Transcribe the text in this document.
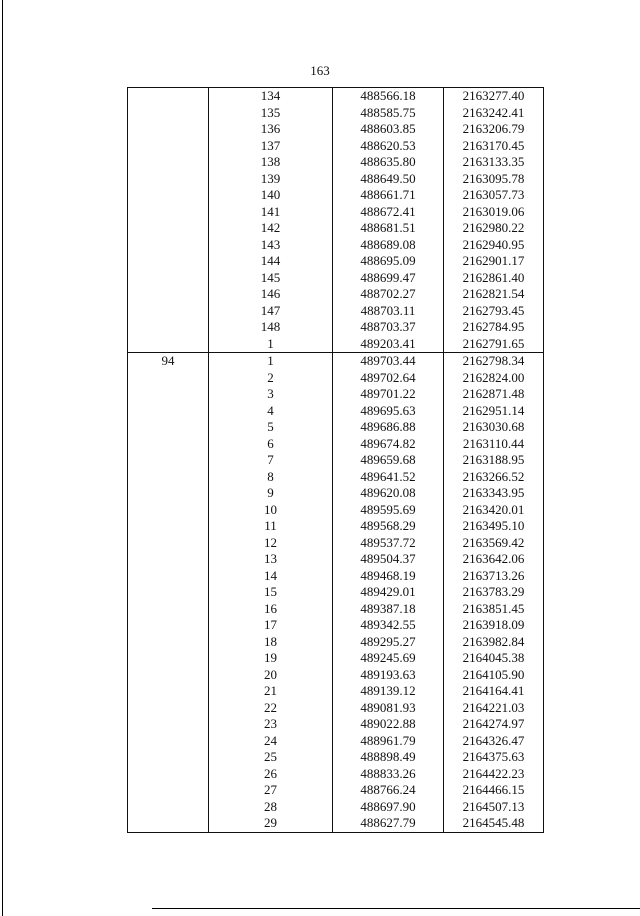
163
	134	488566.18	2163277.40
	135	488585.75	2163242.41
	136	488603.85	2163206.79
	137	488620.53	2163170.45
	138	488635.80	2163133.35
	139	488649.50	2163095.78
	140	488661.71	2163057.73
	141	488672.41	2163019.06
	142	488681.51	2162980.22
	143	488689.08	2162940.95
	144	488695.09	2162901.17
	145	488699.47	2162861.40
	146	488702.27	2162821.54
	147	488703.11	2162793.45
	148	488703.37	2162784.95
	1	489203.41	2162791.65
94	1	489703.44	2162798.34
	2	489702.64	2162824.00
	3	489701.22	2162871.48
	4	489695.63	2162951.14
	5	489686.88	2163030.68
	6	489674.82	2163110.44
	7	489659.68	2163188.95
	8	489641.52	2163266.52
	9	489620.08	2163343.95
	10	489595.69	2163420.01
	11	489568.29	2163495.10
	12	489537.72	2163569.42
	13	489504.37	2163642.06
	14	489468.19	2163713.26
	15	489429.01	2163783.29
	16	489387.18	2163851.45
	17	489342.55	2163918.09
	18	489295.27	2163982.84
	19	489245.69	2164045.38
	20	489193.63	2164105.90
	21	489139.12	2164164.41
	22	489081.93	2164221.03
	23	489022.88	2164274.97
	24	488961.79	2164326.47
	25	488898.49	2164375.63
	26	488833.26	2164422.23
	27	488766.24	2164466.15
	28	488697.90	2164507.13
	29	488627.79	2164545.48
